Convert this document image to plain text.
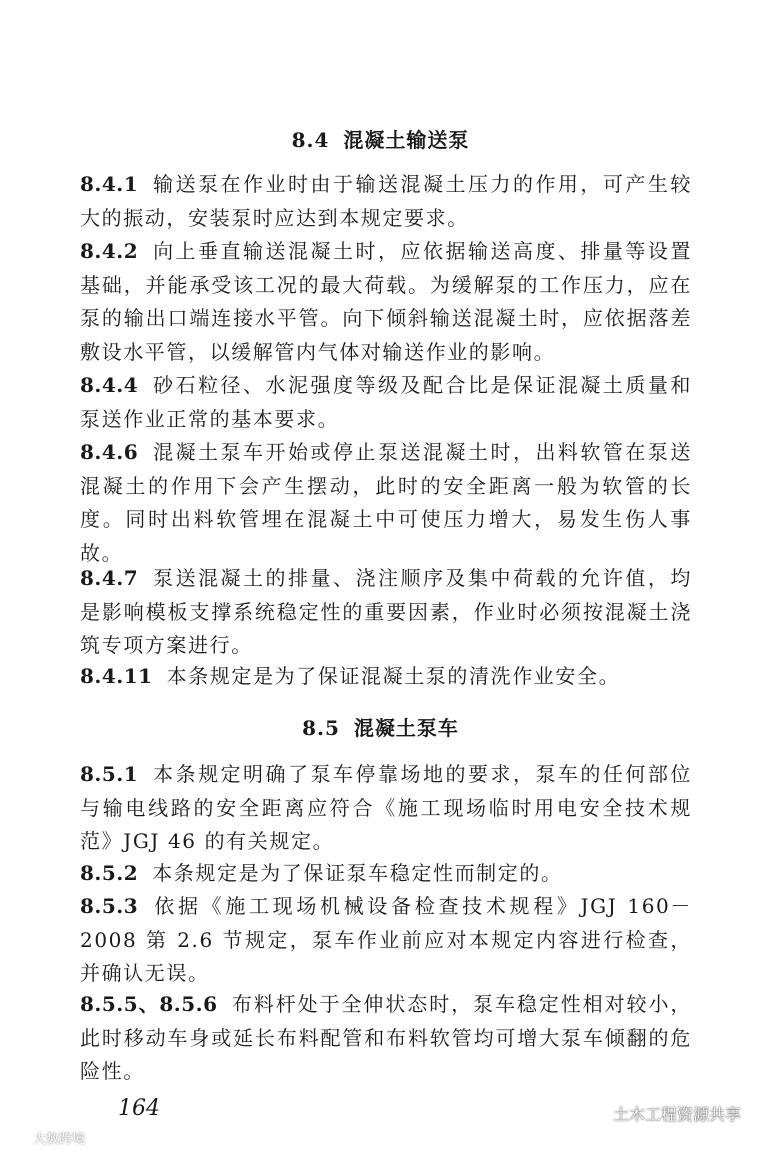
8.4 混凝土输送泵
8.4.1 输送泵在作业时由于输送混凝土压力的作用，可产生较大的振动，安装泵时应达到本规定要求。
8.4.2 向上垂直输送混凝土时，应依据输送高度、排量等设置基础，并能承受该工况的最大荷载。为缓解泵的工作压力，应在泵的输出口端连接水平管。向下倾斜输送混凝土时，应依据落差敷设水平管，以缓解管内气体对输送作业的影响。
8.4.4 砂石粒径、水泥强度等级及配合比是保证混凝土质量和泵送作业正常的基本要求。
8.4.6 混凝土泵车开始或停止泵送混凝土时，出料软管在泵送混凝土的作用下会产生摆动，此时的安全距离一般为软管的长度。同时出料软管埋在混凝土中可使压力增大，易发生伤人事故。
8.4.7 泵送混凝土的排量、浇注顺序及集中荷载的允许值，均是影响模板支撑系统稳定性的重要因素，作业时必须按混凝土浇筑专项方案进行。
8.4.11 本条规定是为了保证混凝土泵的清洗作业安全。
8.5 混凝土泵车
8.5.1 本条规定明确了泵车停靠场地的要求，泵车的任何部位与输电线路的安全距离应符合《施工现场临时用电安全技术规范》JGJ 46 的有关规定。
8.5.2 本条规定是为了保证泵车稳定性而制定的。
8.5.3 依据《施工现场机械设备检查技术规程》JGJ 160－2008 第 2.6 节规定，泵车作业前应对本规定内容进行检查，并确认无误。
8.5.5、8.5.6 布料杆处于全伸状态时，泵车稳定性相对较小，此时移动车身或延长布料配管和布料软管均可增大泵车倾翻的危险性。
164	土木工程资源共享
大数跨境
